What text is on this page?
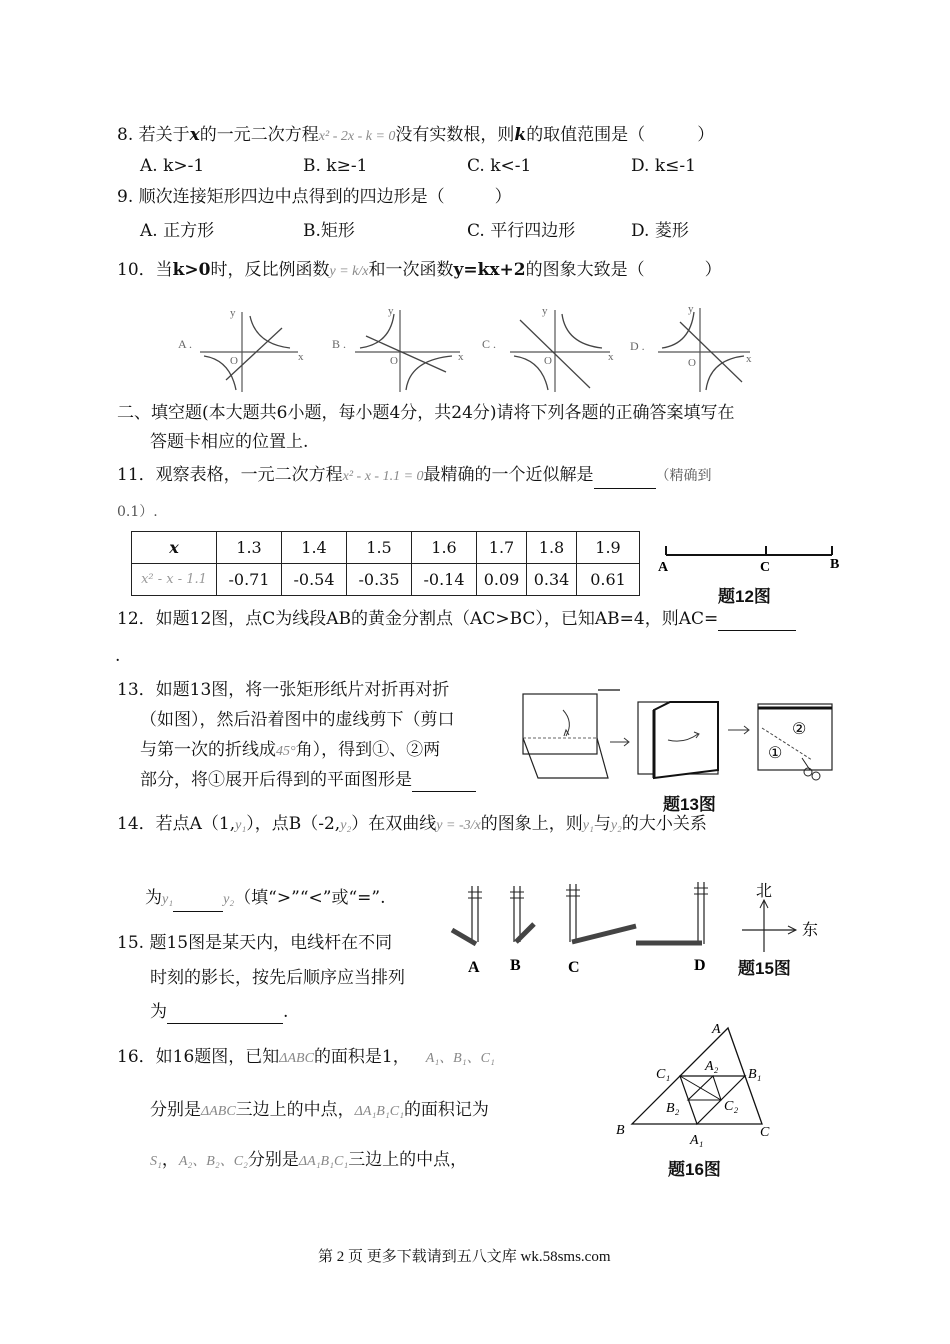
8. 若关于x的一元二次方程x² - 2x - k = 0没有实数根，则k的取值范围是（	）
A. k>-1	B. k≥-1	C. k<-1	D. k≤-1
9. 顺次连接矩形四边中点得到的四边形是（	）
A. 正方形	B.矩形	C. 平行四边形	D. 菱形
10．当k>0时，反比例函数y = k/x和一次函数y=kx+2的图象大致是（	）
A .
x
y
O
B .
x
y
O
C .
x
y
O
D .
x
y
O
二、填空题(本大题共6小题，每小题4分，共24分)请将下列各题的正确答案填写在
答题卡相应的位置上.
11．观察表格，一元二次方程x² - x - 1.1 = 0最精确的一个近似解是	（精确到
0.1）.
x	1.3	1.4	1.5	1.6	1.7	1.8	1.9
x² - x - 1.1	-0.71	-0.54	-0.35	-0.14	0.09	0.34	0.61
A	C	B
题12图
12．如题12图，点C为线段AB的黄金分割点（AC>BC），已知AB=4，则AC=
.
13．如题13图，将一张矩形纸片对折再对折
（如图），然后沿着图中的虚线剪下（剪口
与第一次的折线成45°角），得到①、②两
部分，将①展开后得到的平面图形是
②
①
题13图
14．若点A（1,y₁），点B（-2,y₂）在双曲线y = -3/x的图象上，则y₁与y₂的大小关系
为y₁	y₂（填“>”“<”或“=”.
15. 题15图是某天内，电线杆在不同
时刻的影长，按先后顺序应当排列
为	.
A B	C	D
北
东
题15图
16．如16题图，已知ΔABC的面积是1， A₁、B₁、C₁
分别是ΔABC三边上的中点，ΔA₁B₁C₁的面积记为
S₁，A₂、B₂、C₂分别是ΔA₁B₁C₁三边上的中点，
A
B	C
A₁
B₁
C₁
A₂
B₂	C₂
题16图
第 2 页 更多下载请到五八文库 wk.58sms.com
